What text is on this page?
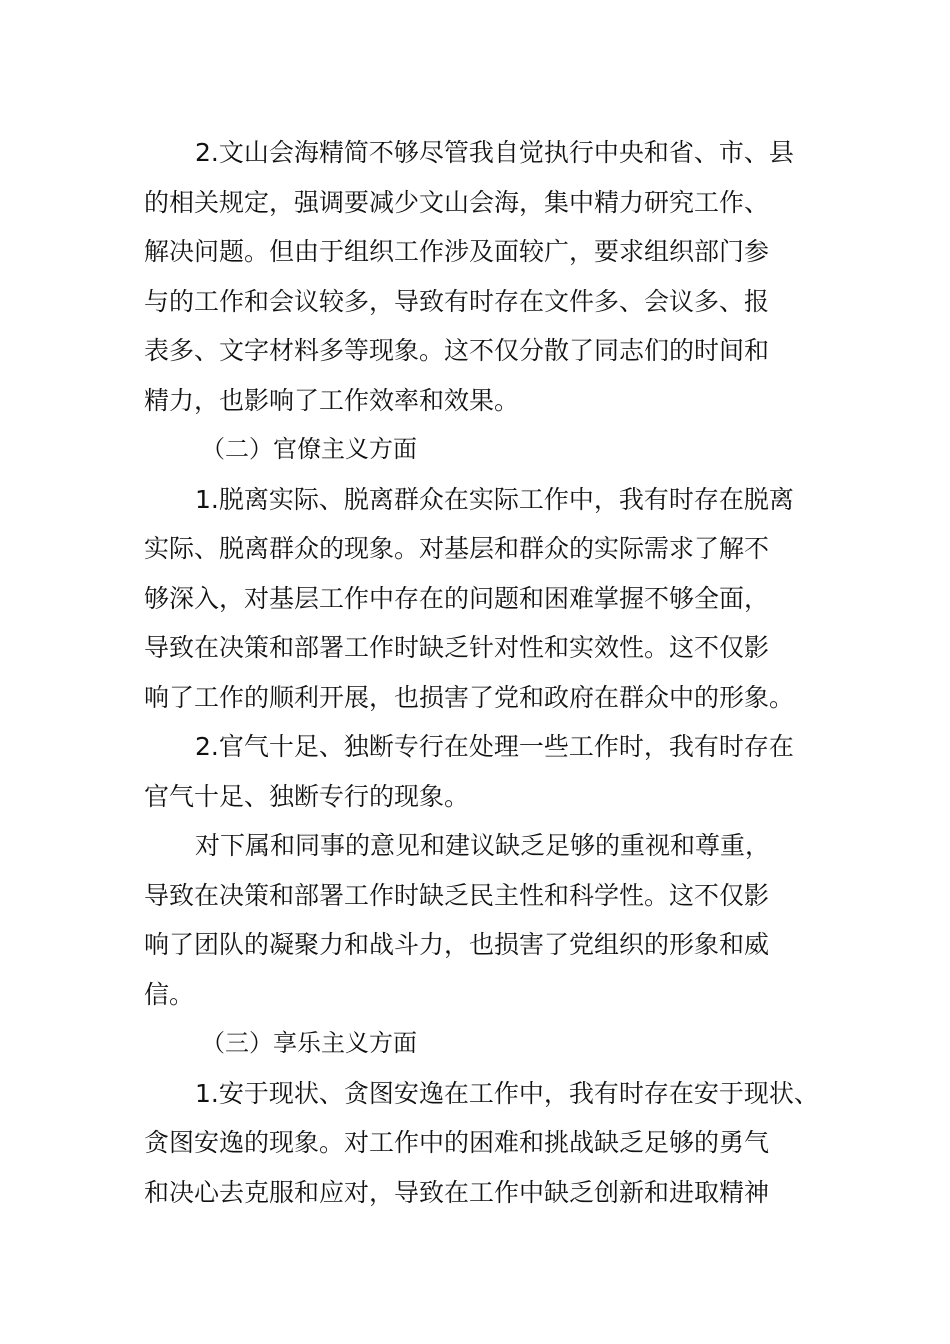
2.文山会海精简不够尽管我自觉执行中央和省、市、县
的相关规定，强调要减少文山会海，集中精力研究工作、
解决问题。但由于组织工作涉及面较广，要求组织部门参
与的工作和会议较多，导致有时存在文件多、会议多、报
表多、文字材料多等现象。这不仅分散了同志们的时间和
精力，也影响了工作效率和效果。
（二）官僚主义方面
1.脱离实际、脱离群众在实际工作中，我有时存在脱离
实际、脱离群众的现象。对基层和群众的实际需求了解不
够深入，对基层工作中存在的问题和困难掌握不够全面，
导致在决策和部署工作时缺乏针对性和实效性。这不仅影
响了工作的顺利开展，也损害了党和政府在群众中的形象。
2.官气十足、独断专行在处理一些工作时，我有时存在
官气十足、独断专行的现象。
对下属和同事的意见和建议缺乏足够的重视和尊重，
导致在决策和部署工作时缺乏民主性和科学性。这不仅影
响了团队的凝聚力和战斗力，也损害了党组织的形象和威
信。
（三）享乐主义方面
1.安于现状、贪图安逸在工作中，我有时存在安于现状、
贪图安逸的现象。对工作中的困难和挑战缺乏足够的勇气
和决心去克服和应对，导致在工作中缺乏创新和进取精神
